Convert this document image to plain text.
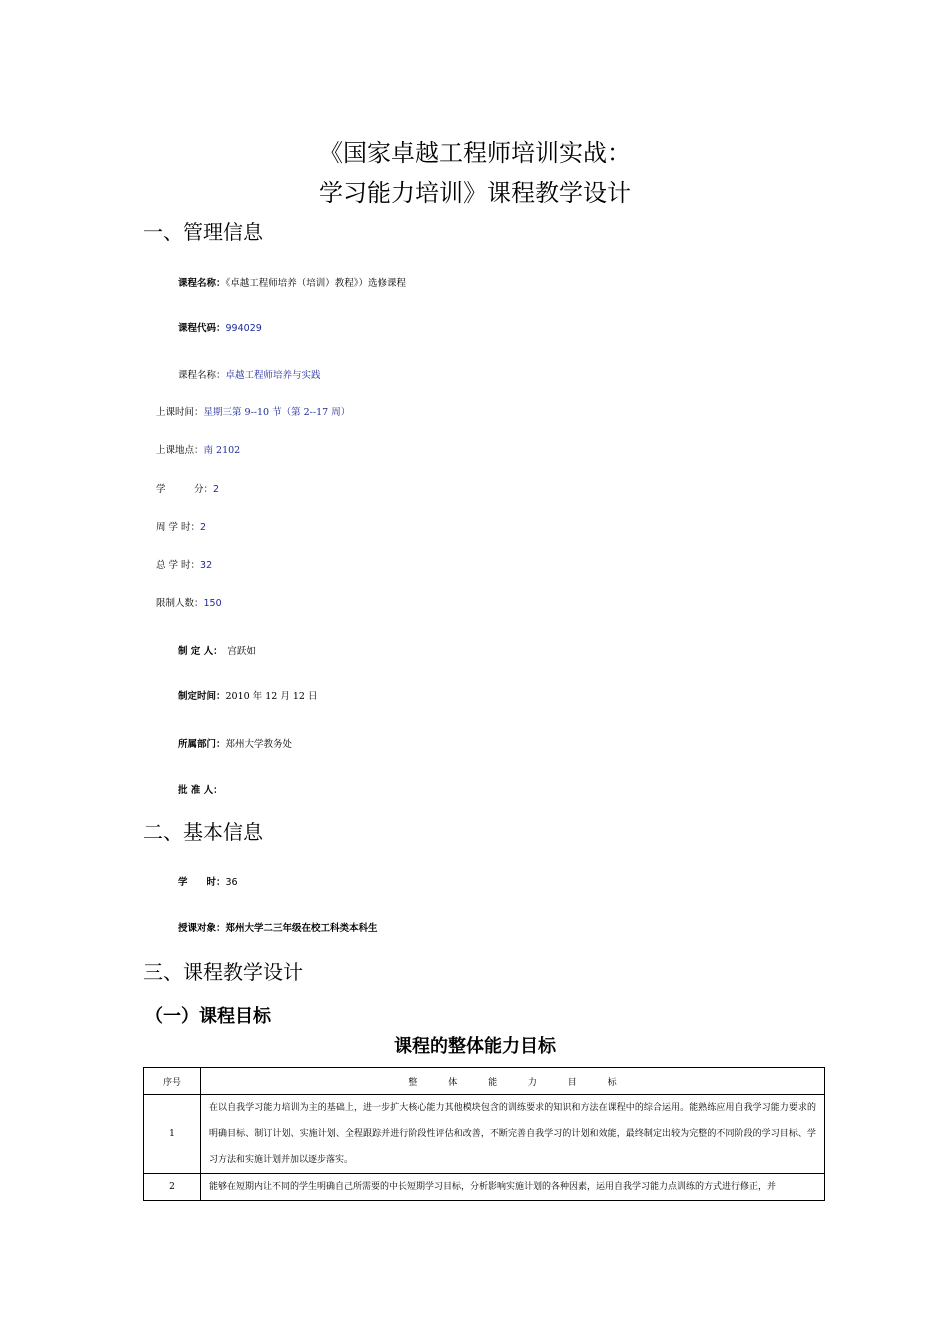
《国家卓越工程师培训实战：
学习能力培训》课程教学设计
一、管理信息
课程名称：《卓越工程师培养（培训）教程》）选修课程
课程代码：994029
课程名称：卓越工程师培养与实践
上课时间：星期三第 9--10 节（第 2--17 周）
上课地点：南 2102
学　　　分：2
周 学 时：2
总 学 时：32
限制人数：150
制 定 人：　 宫跃如
制定时间：2010 年 12 月 12 日
所属部门：郑州大学教务处
批 准 人：
二、基本信息
学　　时：36
授课对象：郑州大学二三年级在校工科类本科生
三、课程教学设计
（一）课程目标
课程的整体能力目标
序号	整 体 能 力 目 标
1	在以自我学习能力培训为主的基础上，进一步扩大核心能力其他模块包含的训练要求的知识和方法在课程中的综合运用。能熟练应用自我学习能力要求的明确目标、制订计划、实施计划、全程跟踪并进行阶段性评估和改善，不断完善自我学习的计划和效能，最终制定出较为完整的不同阶段的学习目标、学习方法和实施计划并加以逐步落实。
2	能够在短期内让不同的学生明确自己所需要的中长短期学习目标，分析影响实施计划的各种因素，运用自我学习能力点训练的方式进行修正，并
